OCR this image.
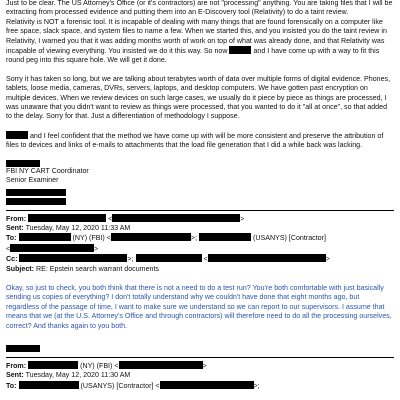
Just to be clear. The US Attorney's Office (or it's contractors) are not "processing" anything. You are taking files that I will be extracting from processed evidence and putting them into an E-Discovery tool (Relativity) to do a taint review.
Relativity is NOT a forensic tool. It is incapable of dealing with many things that are found forensically on a computer like free space, slack space, and system files to name a few. When we started this, and you insisted you do the taint review in Relativity, I warned you that it was adding months worth of work on top of what was already done, and that Relativity was incapable of viewing everything. You insisted we do it this way. So now	and I have come up with a way to fit this round peg into this square hole. We will get it done.

Sorry it has taken so long, but we are talking about terabytes worth of data over multiple forms of digital evidence. Phones, tablets, loose media, cameras, DVRs, servers, laptops, and desktop computers. We have gotten past encryption on multiple devices. When we review devices on such large cases, we usually do it piece by piece as things are processed, I was unaware that you didn't want to review as things were processed, that you wanted to do it "all at once", so that added to the delay. Sorry for that. Just a differentiation of methodology I suppose.

and I feel confident that the method we have come up with will be more consistent and preserve the attribution of files to devices and links of e-mails to attachments that the load file generation that I did a while back was lacking.

FBI NY CART Coordinator
Senior Examiner
From:	<	>
Sent: Tuesday, May 12, 2020 11:33 AM
To:	(NY) (FBI) <	>;	(USANYS) [Contractor]
<	>
Cc:	>;	<	>
Subject: RE: Epstein search warrant documents

Okay, so just to check, you both think that there is not a need to do a test run? You're both comfortable with just basically sending us copies of everything? I don't totally understand why we couldn't have done that eight months ago, but regardless of the passage of time, I want to make sure we understand so we can report to our supervisors. I assume that means that we (at the U.S. Attorney's Office and through contractors) will therefore need to do all the processing ourselves, correct? And thanks again to you both.

From:	(NY) (FBI) <	>
Sent: Tuesday, May 12, 2020 11:30 AM
To:	(USANYS) [Contractor] <	>;
